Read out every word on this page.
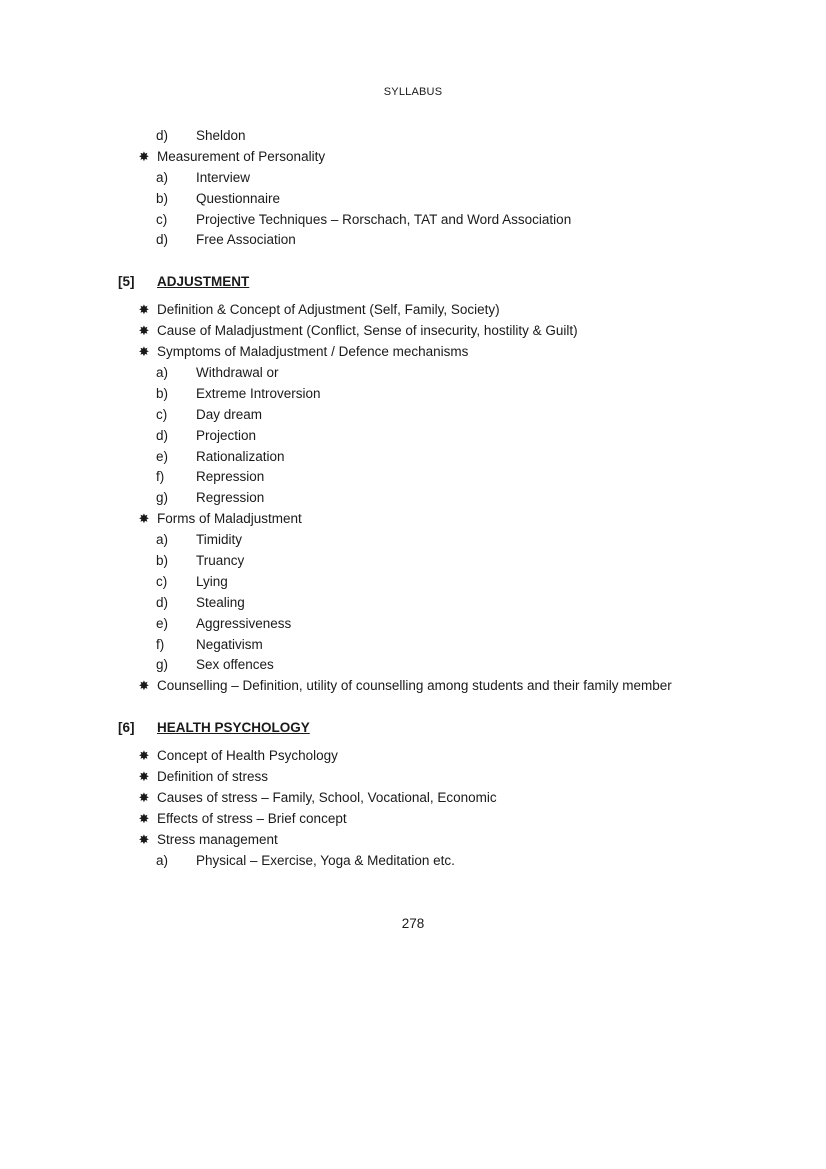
SYLLABUS
d) Sheldon
✸ Measurement of Personality
a) Interview
b) Questionnaire
c) Projective Techniques – Rorschach, TAT and Word Association
d) Free Association
[5] ADJUSTMENT
✸ Definition & Concept of Adjustment (Self, Family, Society)
✸ Cause of Maladjustment (Conflict, Sense of insecurity, hostility & Guilt)
✸ Symptoms of Maladjustment / Defence mechanisms
a) Withdrawal or
b) Extreme Introversion
c) Day dream
d) Projection
e) Rationalization
f) Repression
g) Regression
✸ Forms of Maladjustment
a) Timidity
b) Truancy
c) Lying
d) Stealing
e) Aggressiveness
f) Negativism
g) Sex offences
✸ Counselling – Definition, utility of counselling among students and their family member
[6] HEALTH PSYCHOLOGY
✸ Concept of Health Psychology
✸ Definition of stress
✸ Causes of stress – Family, School, Vocational, Economic
✸ Effects of stress – Brief concept
✸ Stress management
a) Physical – Exercise, Yoga & Meditation etc.
278
